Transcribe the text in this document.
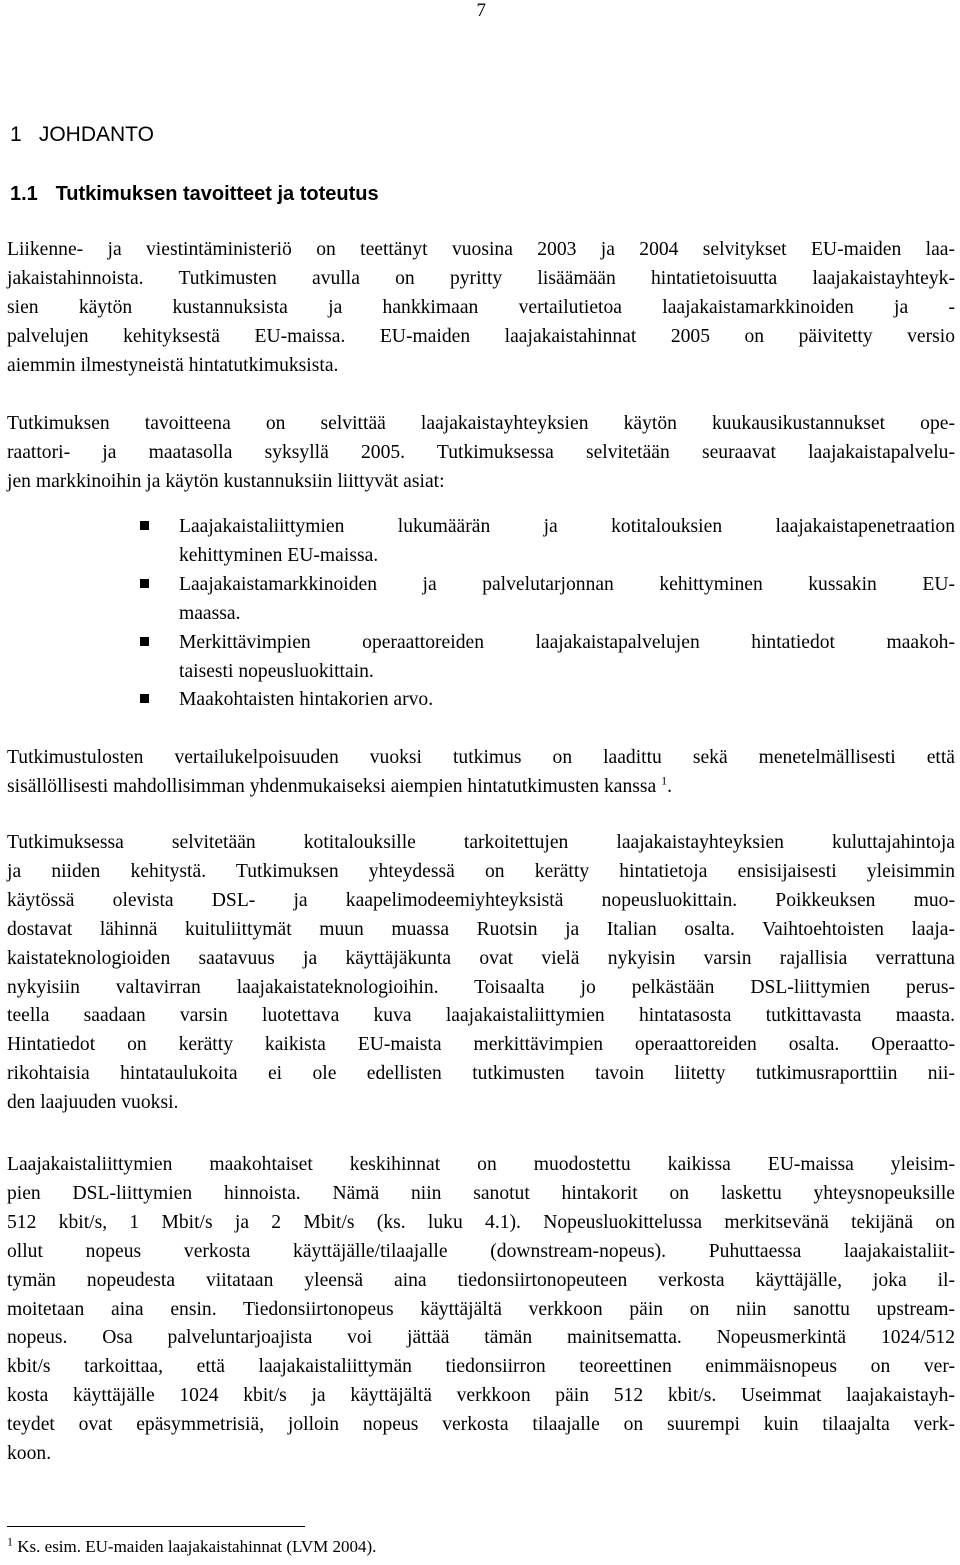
7
1 JOHDANTO
1.1 Tutkimuksen tavoitteet ja toteutus
Liikenne- ja viestintäministeriö on teettänyt vuosina 2003 ja 2004 selvitykset EU-maiden laa-
jakaistahinnoista. Tutkimusten avulla on pyritty lisäämään hintatietoisuutta laajakaistayhteyk-
sien käytön kustannuksista ja hankkimaan vertailutietoa laajakaistamarkkinoiden ja -
palvelujen kehityksestä EU-maissa. EU-maiden laajakaistahinnat 2005 on päivitetty versio
aiemmin ilmestyneistä hintatutkimuksista.
Tutkimuksen tavoitteena on selvittää laajakaistayhteyksien käytön kuukausikustannukset ope-
raattori- ja maatasolla syksyllä 2005. Tutkimuksessa selvitetään seuraavat laajakaistapalvelu-
jen markkinoihin ja käytön kustannuksiin liittyvät asiat:
Laajakaistaliittymien lukumäärän ja kotitalouksien laajakaistapenetraation
kehittyminen EU-maissa.
Laajakaistamarkkinoiden ja palvelutarjonnan kehittyminen kussakin EU-
maassa.
Merkittävimpien operaattoreiden laajakaistapalvelujen hintatiedot maakoh-
taisesti nopeusluokittain.
Maakohtaisten hintakorien arvo.
Tutkimustulosten vertailukelpoisuuden vuoksi tutkimus on laadittu sekä menetelmällisesti että
sisällöllisesti mahdollisimman yhdenmukaiseksi aiempien hintatutkimusten kanssa $^1$.
Tutkimuksessa selvitetään kotitalouksille tarkoitettujen laajakaistayhteyksien kuluttajahintoja
ja niiden kehitystä. Tutkimuksen yhteydessä on kerätty hintatietoja ensisijaisesti yleisimmin
käytössä olevista DSL- ja kaapelimodeemiyhteyksistä nopeusluokittain. Poikkeuksen muo-
dostavat lähinnä kuituliittymät muun muassa Ruotsin ja Italian osalta. Vaihtoehtoisten laaja-
kaistateknologioiden saatavuus ja käyttäjäkunta ovat vielä nykyisin varsin rajallisia verrattuna
nykyisiin valtavirran laajakaistateknologioihin. Toisaalta jo pelkästään DSL-liittymien perus-
teella saadaan varsin luotettava kuva laajakaistaliittymien hintatasosta tutkittavasta maasta.
Hintatiedot on kerätty kaikista EU-maista merkittävimpien operaattoreiden osalta. Operaatto-
rikohtaisia hintataulukoita ei ole edellisten tutkimusten tavoin liitetty tutkimusraporttiin nii-
den laajuuden vuoksi.
Laajakaistaliittymien maakohtaiset keskihinnat on muodostettu kaikissa EU-maissa yleisim-
pien DSL-liittymien hinnoista. Nämä niin sanotut hintakorit on laskettu yhteysnopeuksille
512 kbit/s, 1 Mbit/s ja 2 Mbit/s (ks. luku 4.1). Nopeusluokittelussa merkitsevänä tekijänä on
ollut nopeus verkosta käyttäjälle/tilaajalle (downstream-nopeus). Puhuttaessa laajakaistaliit-
tymän nopeudesta viitataan yleensä aina tiedonsiirtonopeuteen verkosta käyttäjälle, joka il-
moitetaan aina ensin. Tiedonsiirtonopeus käyttäjältä verkkoon päin on niin sanottu upstream-
nopeus. Osa palveluntarjoajista voi jättää tämän mainitsematta. Nopeusmerkintä 1024/512
kbit/s tarkoittaa, että laajakaistaliittymän tiedonsiirron teoreettinen enimmäisnopeus on ver-
kosta käyttäjälle 1024 kbit/s ja käyttäjältä verkkoon päin 512 kbit/s. Useimmat laajakaistayh-
teydet ovat epäsymmetrisiä, jolloin nopeus verkosta tilaajalle on suurempi kuin tilaajalta verk-
koon.
$^1$ Ks. esim. EU-maiden laajakaistahinnat (LVM 2004).
